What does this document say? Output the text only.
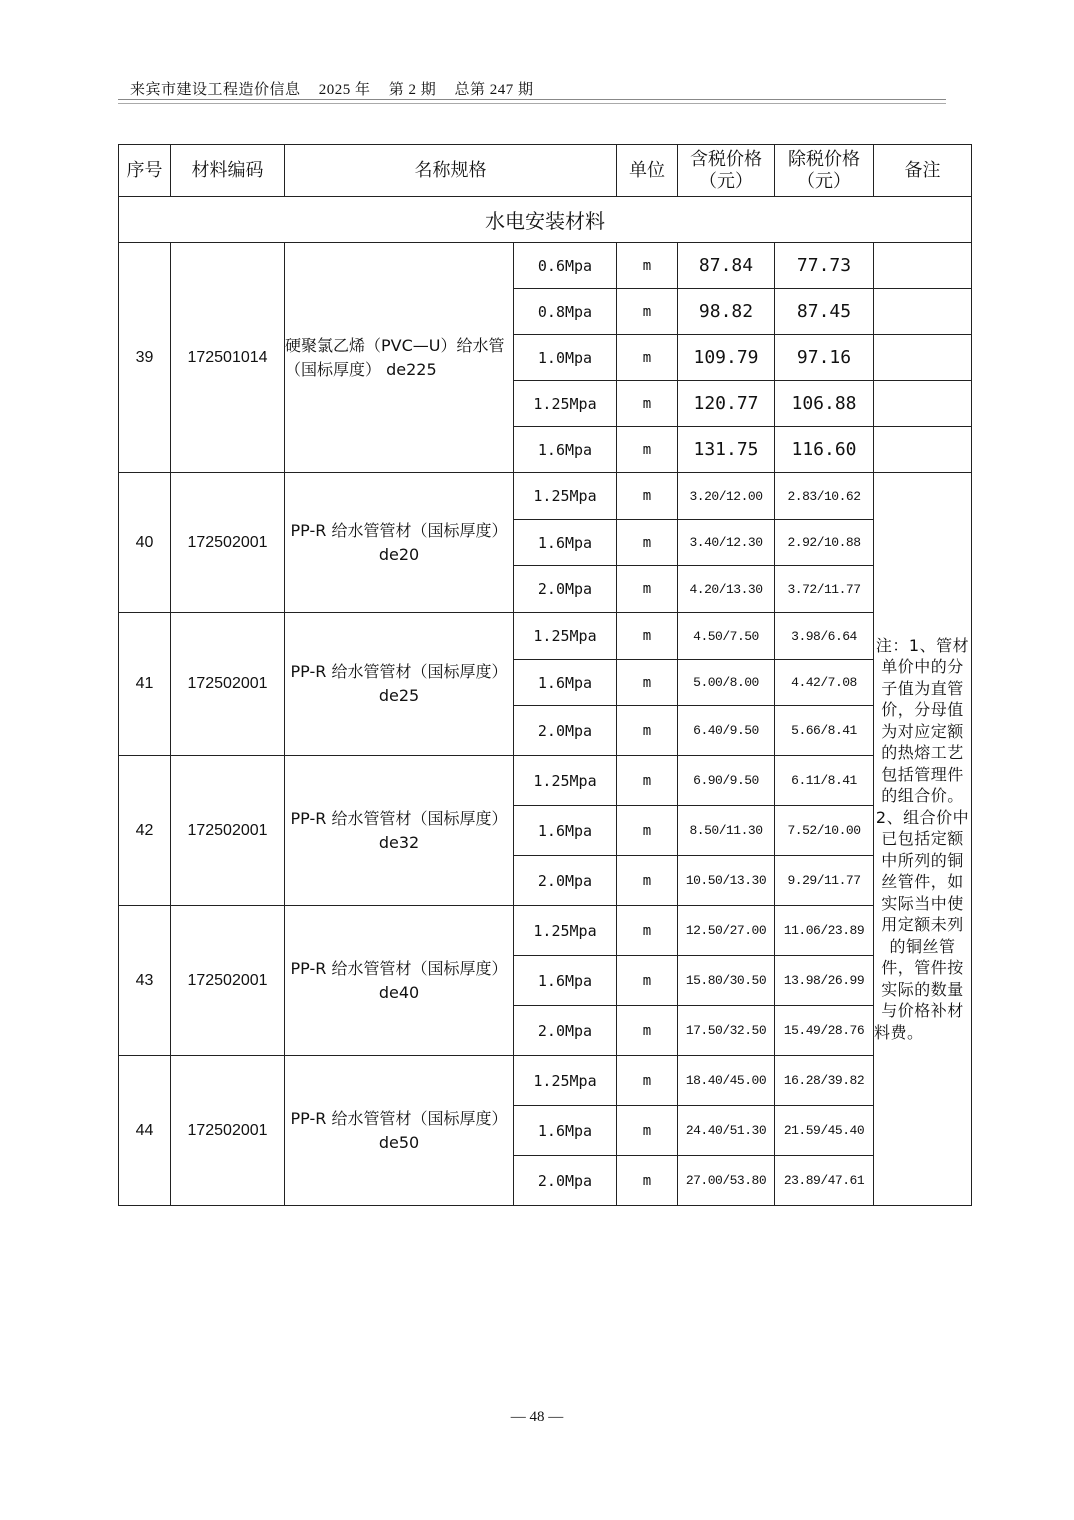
来宾市建设工程造价信息 2025 年 第 2 期 总第 247 期
序号	材料编码	名称规格		单位	含税价格（元）	除税价格（元）	备注
水电安装材料							
39	172501014	硬聚氯乙烯（PVC—U）给水管（国标厚度） de225	0.6Mpa	m	87.84	77.73	
			0.8Mpa	m	98.82	87.45	
			1.0Mpa	m	109.79	97.16	
			1.25Mpa	m	120.77	106.88	
			1.6Mpa	m	131.75	116.60	
40	172502001	PP-R 给水管管材（国标厚度）de20	1.25Mpa	m	3.20/12.00	2.83/10.62	注：1、管材单价中的分子值为直管价，分母值为对应定额的热熔工艺包括管理件的组合价。2、组合价中已包括定额中所列的铜丝管件，如实际当中使用定额未列的铜丝管件，管件按实际的数量与价格补材料费。
			1.6Mpa	m	3.40/12.30	2.92/10.88	
			2.0Mpa	m	4.20/13.30	3.72/11.77	
41	172502001	PP-R 给水管管材（国标厚度）de25	1.25Mpa	m	4.50/7.50	3.98/6.64	
			1.6Mpa	m	5.00/8.00	4.42/7.08	
			2.0Mpa	m	6.40/9.50	5.66/8.41	
42	172502001	PP-R 给水管管材（国标厚度）de32	1.25Mpa	m	6.90/9.50	6.11/8.41	
			1.6Mpa	m	8.50/11.30	7.52/10.00	
			2.0Mpa	m	10.50/13.30	9.29/11.77	
43	172502001	PP-R 给水管管材（国标厚度）de40	1.25Mpa	m	12.50/27.00	11.06/23.89	
			1.6Mpa	m	15.80/30.50	13.98/26.99	
			2.0Mpa	m	17.50/32.50	15.49/28.76	
44	172502001	PP-R 给水管管材（国标厚度）de50	1.25Mpa	m	18.40/45.00	16.28/39.82	
			1.6Mpa	m	24.40/51.30	21.59/45.40	
			2.0Mpa	m	27.00/53.80	23.89/47.61	
— 48 —
